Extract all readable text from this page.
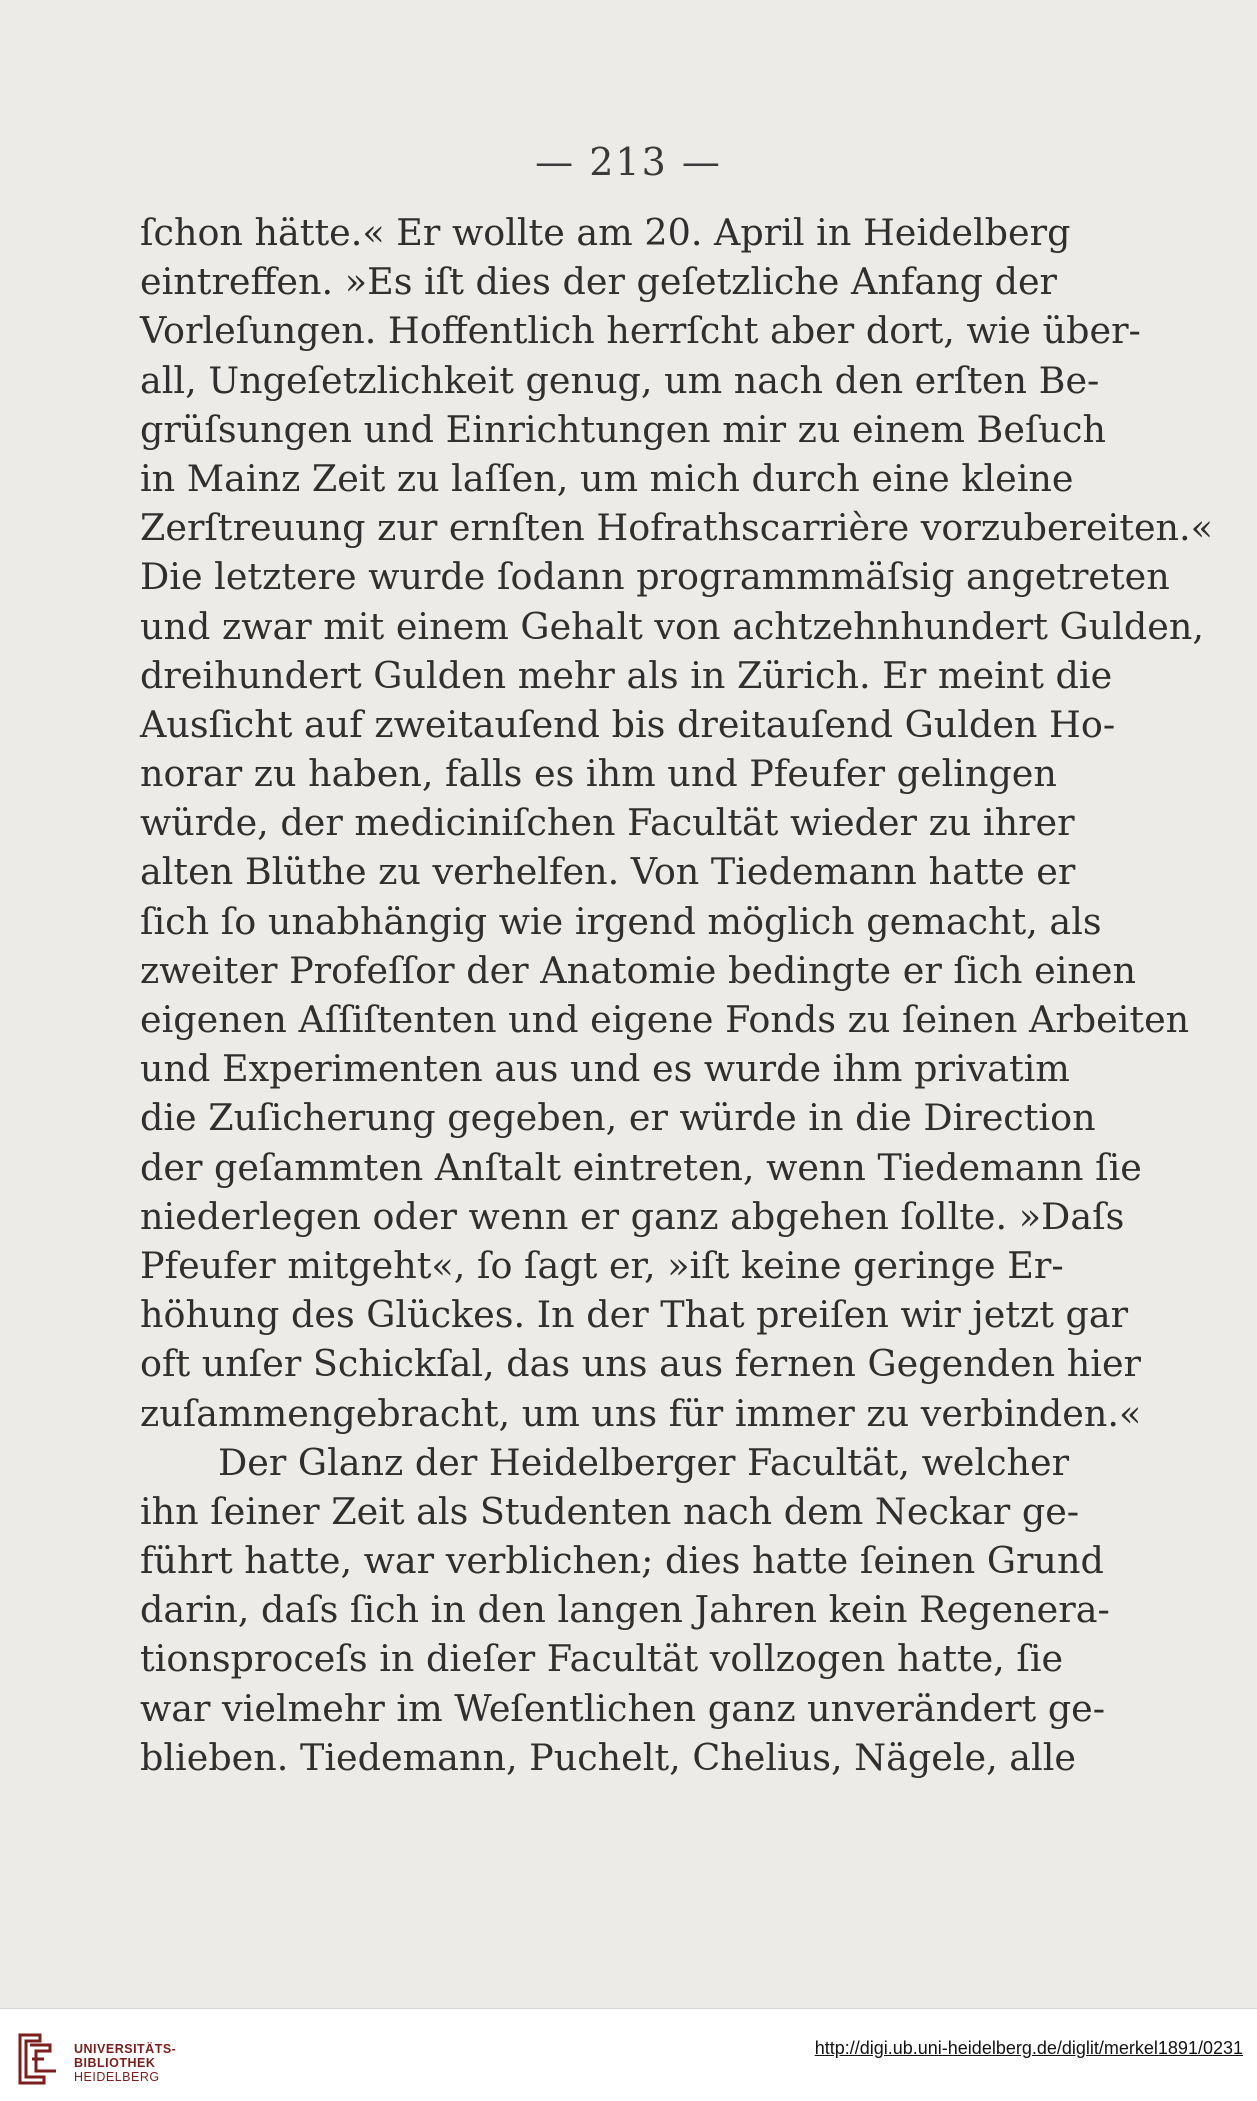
— 213 —
ſchon hätte.« Er wollte am 20. April in Heidelberg
eintreffen. »Es iſt dies der geſetzliche Anfang der
Vorleſungen. Hoffentlich herrſcht aber dort, wie über-
all, Ungeſetzlichkeit genug, um nach den erſten Be-
grüſsungen und Einrichtungen mir zu einem Beſuch
in Mainz Zeit zu laſſen, um mich durch eine kleine
Zerſtreuung zur ernſten Hofrathscarrière vorzubereiten.«
Die letztere wurde ſodann programmmäſsig angetreten
und zwar mit einem Gehalt von achtzehnhundert Gulden,
dreihundert Gulden mehr als in Zürich. Er meint die
Ausſicht auf zweitauſend bis dreitauſend Gulden Ho-
norar zu haben, falls es ihm und Pfeufer gelingen
würde, der mediciniſchen Facultät wieder zu ihrer
alten Blüthe zu verhelfen. Von Tiedemann hatte er
ſich ſo unabhängig wie irgend möglich gemacht, als
zweiter Profeſſor der Anatomie bedingte er ſich einen
eigenen Aſſiſtenten und eigene Fonds zu ſeinen Arbeiten
und Experimenten aus und es wurde ihm privatim
die Zuſicherung gegeben, er würde in die Direction
der geſammten Anſtalt eintreten, wenn Tiedemann ſie
niederlegen oder wenn er ganz abgehen ſollte. »Daſs
Pfeufer mitgeht«, ſo ſagt er, »iſt keine geringe Er-
höhung des Glückes. In der That preiſen wir jetzt gar
oft unſer Schickſal, das uns aus fernen Gegenden hier
zuſammengebracht, um uns für immer zu verbinden.«
Der Glanz der Heidelberger Facultät, welcher
ihn ſeiner Zeit als Studenten nach dem Neckar ge-
führt hatte, war verblichen; dies hatte ſeinen Grund
darin, daſs ſich in den langen Jahren kein Regenera-
tionsproceſs in dieſer Facultät vollzogen hatte, ſie
war vielmehr im Weſentlichen ganz unverändert ge-
blieben. Tiedemann, Puchelt, Chelius, Nägele, alle
UNIVERSITÄTS-
BIBLIOTHEK
HEIDELBERG
http://digi.ub.uni-heidelberg.de/diglit/merkel1891/0231
